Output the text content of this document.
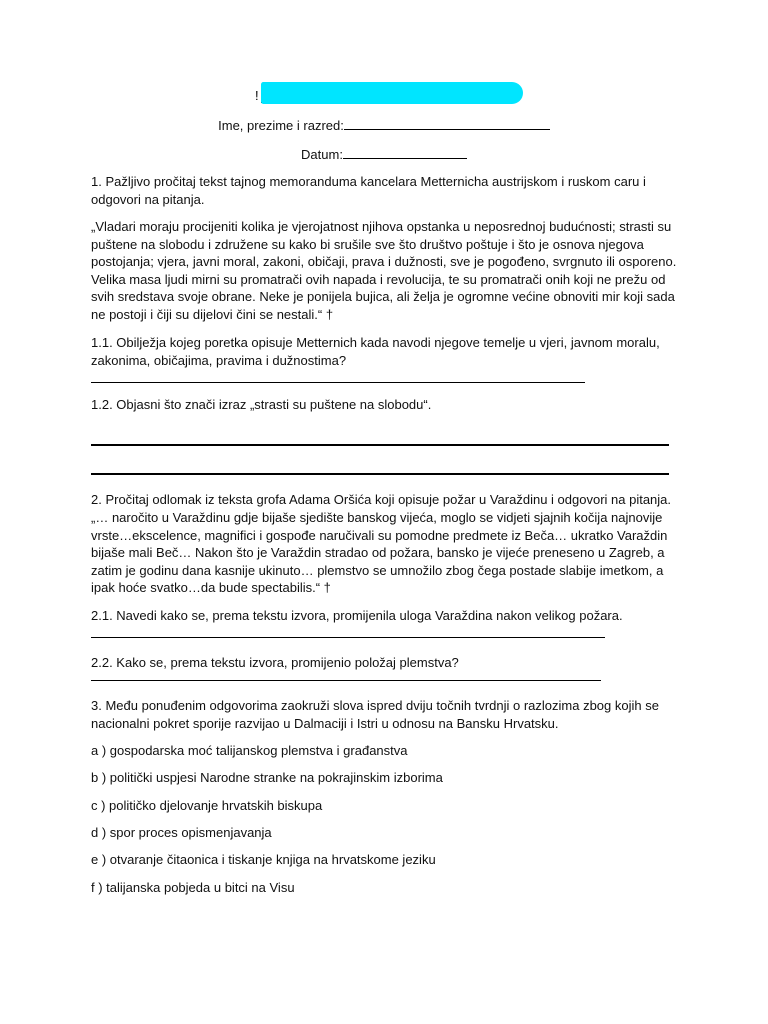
!
Ime, prezime i razred:
Datum:

1. Pažljivo pročitaj tekst tajnog memoranduma kancelara Metternicha austrijskom i ruskom caru i odgovori na pitanja.

„Vladari moraju procijeniti kolika je vjerojatnost njihova opstanka u neposrednoj budućnosti; strasti su puštene na slobodu i združene su kako bi srušile sve što društvo poštuje i što je osnova njegova postojanja; vjera, javni moral, zakoni, običaji, prava i dužnosti, sve je pogođeno, svrgnuto ili osporeno. Velika masa ljudi mirni su promatrači ovih napada i revolucija, te su promatrači onih koji ne prežu od svih sredstava svoje obrane. Neke je ponijela bujica, ali želja je ogromne većine obnoviti mir koji sada ne postoji i čiji su dijelovi čini se nestali.“ †

1.1. Obilježja kojeg poretka opisuje Metternich kada navodi njegove temelje u vjeri, javnom moralu, zakonima, običajima, pravima i dužnostima?

1.2. Objasni što znači izraz „strasti su puštene na slobodu“.

2. Pročitaj odlomak iz teksta grofa Adama Oršića koji opisuje požar u Varaždinu i odgovori na pitanja.

„… naročito u Varaždinu gdje bijaše sjedište banskog vijeća, moglo se vidjeti sjajnih kočija najnovije vrste…ekscelence, magnifici i gospođe naručivali su pomodne predmete iz Beča… ukratko Varaždin bijaše mali Beč… Nakon što je Varaždin stradao od požara, bansko je vijeće preneseno u Zagreb, a zatim je godinu dana kasnije ukinuto… plemstvo se umnožilo zbog čega postade slabije imetkom, a ipak hoće svatko…da bude spectabilis.“ †

2.1. Navedi kako se, prema tekstu izvora, promijenila uloga Varaždina nakon velikog požara.

2.2. Kako se, prema tekstu izvora, promijenio položaj plemstva?

3. Među ponuđenim odgovorima zaokruži slova ispred dviju točnih tvrdnji o razlozima zbog kojih se nacionalni pokret sporije razvijao u Dalmaciji i Istri u odnosu na Bansku Hrvatsku.

a ) gospodarska moć talijanskog plemstva i građanstva

b ) politički uspjesi Narodne stranke na pokrajinskim izborima

c ) političko djelovanje hrvatskih biskupa

d ) spor proces opismenjavanja

e ) otvaranje čitaonica i tiskanje knjiga na hrvatskome jeziku

f ) talijanska pobjeda u bitci na Visu
